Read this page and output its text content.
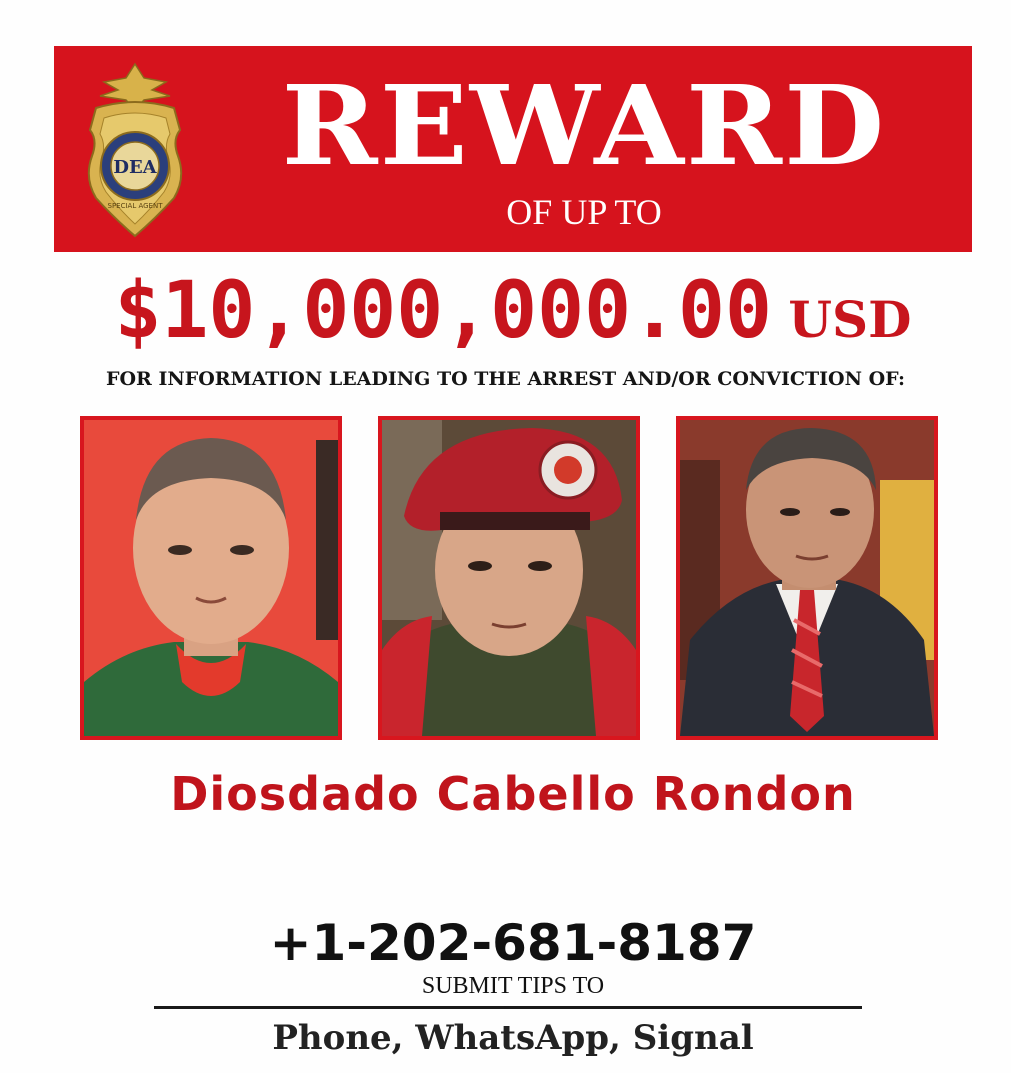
DEA
SPECIAL AGENT
REWARD
OF UP TO
$10,000,000.00 USD
FOR INFORMATION LEADING TO THE ARREST AND/OR CONVICTION OF:
Diosdado Cabello Rondon
+1-202-681-8187
SUBMIT TIPS TO
Phone, WhatsApp, Signal
